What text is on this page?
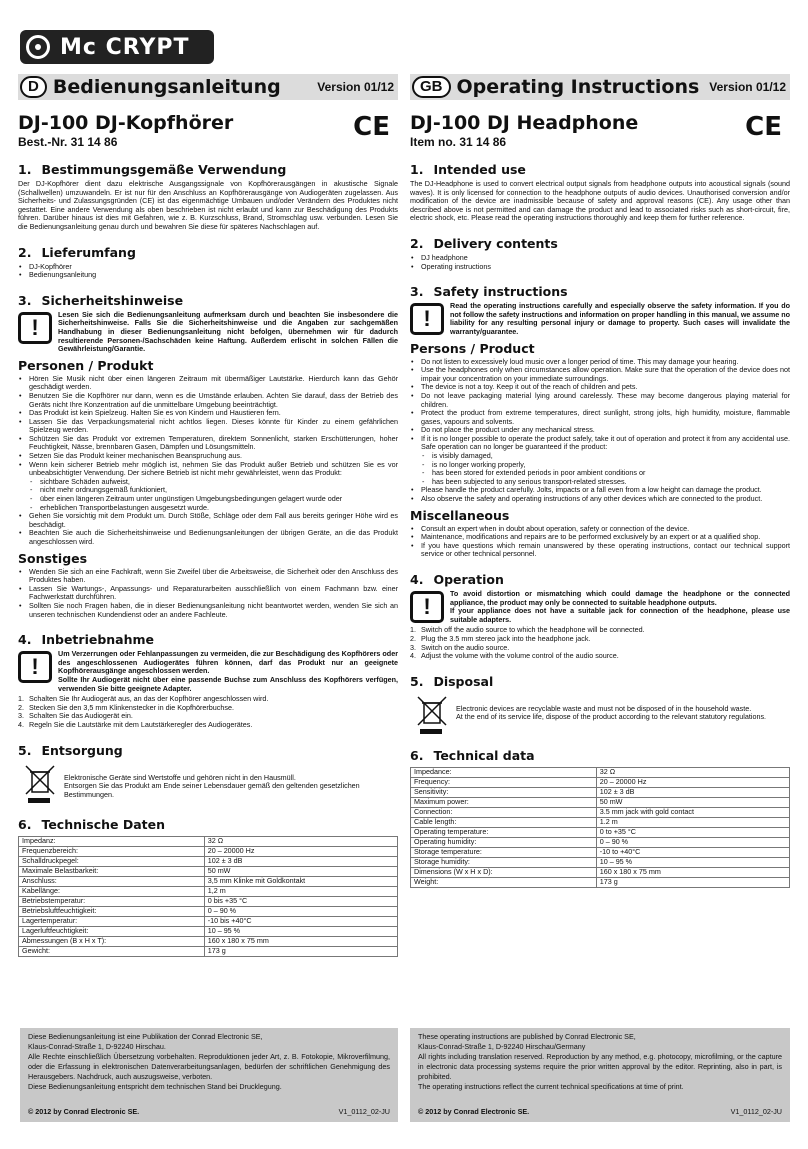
Mc CRYPT
D Bedienungsanleitung	Version 01/12
DJ-100 DJ-Kopfhörer
Best.-Nr. 31 14 86	CE
1. Bestimmungsgemäße Verwendung

Der DJ-Kopfhörer dient dazu elektrische Ausgangssignale von Kopfhörerausgängen in akustische Signale (Schallwellen) umzuwandeln. Er ist nur für den Anschluss an Kopfhörerausgänge von Audiogeräten zugelassen. Aus Sicherheits- und Zulassungsgründen (CE) ist das eigenmächtige Umbauen und/oder Verändern des Produktes nicht gestattet. Eine andere Verwendung als oben beschrieben ist nicht erlaubt und kann zur Beschädigung des Produkts führen. Darüber hinaus ist dies mit Gefahren, wie z. B. Kurzschluss, Brand, Stromschlag usw. verbunden. Lesen Sie die Bedienungsanleitung genau durch und bewahren Sie diese für späteres Nachschlagen auf.

2. Lieferumfang
• DJ-Kopfhörer
• Bedienungsanleitung
3. Sicherheitshinweise
!
Lesen Sie sich die Bedienungsanleitung aufmerksam durch und beachten Sie insbesondere die Sicherheitshinweise. Falls Sie die Sicherheitshinweise und die Angaben zur sachgemäßen Handhabung in dieser Bedienungsanleitung nicht befolgen, übernehmen wir für dadurch resultierende Personen-/Sachschäden keine Haftung. Außerdem erlischt in solchen Fällen die Gewährleistung/Garantie.
Personen / Produkt
• Hören Sie Musik nicht über einen längeren Zeitraum mit übermäßiger Lautstärke. Hierdurch kann das Gehör geschädigt werden.
• Benutzen Sie die Kopfhörer nur dann, wenn es die Umstände erlauben. Achten Sie darauf, dass der Betrieb des Geräts nicht Ihre Konzentration auf die unmittelbare Umgebung beeinträchtigt.
• Das Produkt ist kein Spielzeug. Halten Sie es von Kindern und Haustieren fern.
• Lassen Sie das Verpackungsmaterial nicht achtlos liegen. Dieses könnte für Kinder zu einem gefährlichen Spielzeug werden.
• Schützen Sie das Produkt vor extremen Temperaturen, direktem Sonnenlicht, starken Erschütterungen, hoher Feuchtigkeit, Nässe, brennbaren Gasen, Dämpfen und Lösungsmitteln.
• Setzen Sie das Produkt keiner mechanischen Beanspruchung aus.
• Wenn kein sicherer Betrieb mehr möglich ist, nehmen Sie das Produkt außer Betrieb und schützen Sie es vor unbeabsichtigter Verwendung. Der sichere Betrieb ist nicht mehr gewährleistet, wenn das Produkt:
- sichtbare Schäden aufweist,
- nicht mehr ordnungsgemäß funktioniert,
- über einen längeren Zeitraum unter ungünstigen Umgebungsbedingungen gelagert wurde oder
- erheblichen Transportbelastungen ausgesetzt wurde.
• Gehen Sie vorsichtig mit dem Produkt um. Durch Stöße, Schläge oder dem Fall aus bereits geringer Höhe wird es beschädigt.
• Beachten Sie auch die Sicherheitshinweise und Bedienungsanleitungen der übrigen Geräte, an die das Produkt angeschlossen wird.
Sonstiges
• Wenden Sie sich an eine Fachkraft, wenn Sie Zweifel über die Arbeitsweise, die Sicherheit oder den Anschluss des Produktes haben.
• Lassen Sie Wartungs-, Anpassungs- und Reparaturarbeiten ausschließlich von einem Fachmann bzw. einer Fachwerkstatt durchführen.
• Sollten Sie noch Fragen haben, die in dieser Bedienungsanleitung nicht beantwortet werden, wenden Sie sich an unseren technischen Kundendienst oder an andere Fachleute.
4. Inbetriebnahme
!
Um Verzerrungen oder Fehlanpassungen zu vermeiden, die zur Beschädigung des Kopfhörers oder des angeschlossenen Audiogerätes führen können, darf das Produkt nur an geeignete Kopfhörerausgänge angeschlossen werden.
Sollte Ihr Audiogerät nicht über eine passende Buchse zum Anschluss des Kopfhörers verfügen, verwenden Sie bitte geeignete Adapter.
1. Schalten Sie Ihr Audiogerät aus, an das der Kopfhörer angeschlossen wird.
2. Stecken Sie den 3,5 mm Klinkenstecker in die Kopfhörerbuchse.
3. Schalten Sie das Audiogerät ein.
4. Regeln Sie die Lautstärke mit dem Lautstärkeregler des Audiogerätes.
5. Entsorgung

Elektronische Geräte sind Wertstoffe und gehören nicht in den Hausmüll.
Entsorgen Sie das Produkt am Ende seiner Lebensdauer gemäß den geltenden gesetzlichen Bestimmungen.

6. Technische Daten
Impedanz:	32 Ω
Frequenzbereich:	20 – 20000 Hz
Schalldruckpegel:	102 ± 3 dB
Maximale Belastbarkeit:	50 mW
Anschluss:	3,5 mm Klinke mit Goldkontakt
Kabellänge:	1,2 m
Betriebstemperatur:	0 bis +35 °C
Betriebsluftfeuchtigkeit:	0 – 90 %
Lagertemperatur:	-10 bis +40°C
Lagerluftfeuchtigkeit:	10 – 95 %
Abmessungen (B x H x T):	160 x 180 x 75 mm
Gewicht:	173 g
GB Operating Instructions Version 01/12
DJ-100 DJ Headphone
Item no. 31 14 86	CE
1. Intended use

The DJ-Headphone is used to convert electrical output signals from headphone outputs into acoustical signals (sound waves). It is only licensed for connection to the headphone outputs of audio devices. Unauthorised conversion and/or modification of the device are inadmissible because of safety and approval reasons (CE). Any usage other than described above is not permitted and can damage the product and lead to associated risks such as short-circuit, fire, electric shock, etc. Please read the operating instructions thoroughly and keep them for further reference.

2. Delivery contents
• DJ headphone
• Operating instructions
3. Safety instructions
!
Read the operating instructions carefully and especially observe the safety information. If you do not follow the safety instructions and information on proper handling in this manual, we assume no liability for any resulting personal injury or damage to property. Such cases will invalidate the warranty/guarantee.
Persons / Product
• Do not listen to excessively loud music over a longer period of time. This may damage your hearing.
• Use the headphones only when circumstances allow operation. Make sure that the operation of the device does not impair your concentration on your immediate surroundings.
• The device is not a toy. Keep it out of the reach of children and pets.
• Do not leave packaging material lying around carelessly. These may become dangerous playing material for children.
• Protect the product from extreme temperatures, direct sunlight, strong jolts, high humidity, moisture, flammable gases, vapours and solvents.
• Do not place the product under any mechanical stress.
• If it is no longer possible to operate the product safely, take it out of operation and protect it from any accidental use. Safe operation can no longer be guaranteed if the product:
- is visibly damaged,
- is no longer working properly,
- has been stored for extended periods in poor ambient conditions or
- has been subjected to any serious transport-related stresses.
• Please handle the product carefully. Jolts, impacts or a fall even from a low height can damage the product.
• Also observe the safety and operating instructions of any other devices which are connected to the product.
Miscellaneous
• Consult an expert when in doubt about operation, safety or connection of the device.
• Maintenance, modifications and repairs are to be performed exclusively by an expert or at a qualified shop.
• If you have questions which remain unanswered by these operating instructions, contact our technical support service or other technical personnel.
4. Operation
!
To avoid distortion or mismatching which could damage the headphone or the connected appliance, the product may only be connected to suitable headphone outputs.
If your appliance does not have a suitable jack for connection of the headphone, please use suitable adapters.
1. Switch off the audio source to which the headphone will be connected.
2. Plug the 3.5 mm stereo jack into the headphone jack.
3. Switch on the audio source.
4. Adjust the volume with the volume control of the audio source.
5. Disposal

Electronic devices are recyclable waste and must not be disposed of in the household waste.
At the end of its service life, dispose of the product according to the relevant statutory regulations.

6. Technical data
Impedance:	32 Ω
Frequency:	20 – 20000 Hz
Sensitivity:	102 ± 3 dB
Maximum power:	50 mW
Connection:	3.5 mm jack with gold contact
Cable length:	1.2 m
Operating temperature:	0 to +35 °C
Operating humidity:	0 – 90 %
Storage temperature:	-10 to +40°C
Storage humidity:	10 – 95 %
Dimensions (W x H x D):	160 x 180 x 75 mm
Weight:	173 g

Diese Bedienungsanleitung ist eine Publikation der Conrad Electronic SE,

Klaus-Conrad-Straße 1, D-92240 Hirschau.

Alle Rechte einschließlich Übersetzung vorbehalten. Reproduktionen jeder Art, z. B. Fotokopie, Mikroverfilmung, oder die Erfassung in elektronischen Datenverarbeitungsanlagen, bedürfen der schriftlichen Genehmigung des Herausgebers. Nachdruck, auch auszugsweise, verboten.

Diese Bedienungsanleitung entspricht dem technischen Stand bei Drucklegung.

© 2012 by Conrad Electronic SE.	V1_0112_02-JU

These operating instructions are published by Conrad Electronic SE,

Klaus-Conrad-Straße 1, D-92240 Hirschau/Germany

All rights including translation reserved. Reproduction by any method, e.g. photocopy, microfilming, or the capture in electronic data processing systems require the prior written approval by the editor. Reprinting, also in part, is prohibited.

The operating instructions reflect the current technical specifications at time of print.

© 2012 by Conrad Electronic SE.	V1_0112_02-JU
